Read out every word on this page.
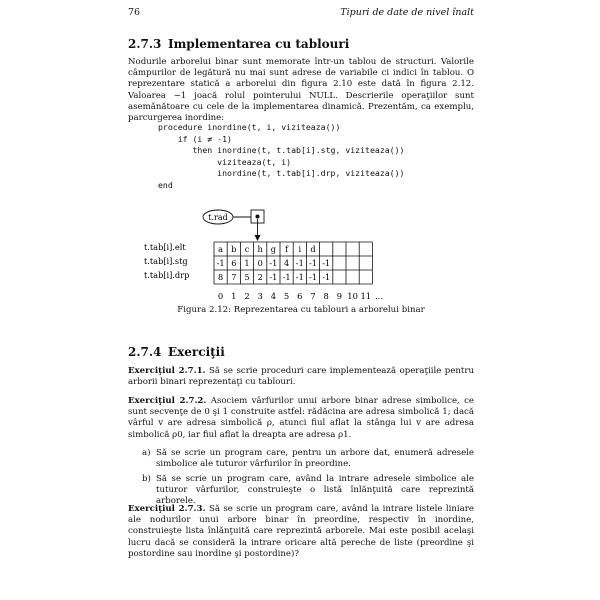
76	Tipuri de date de nivel înalt
2.7.3 Implementarea cu tablouri

Nodurile arborelui binar sunt memorate într-un tablou de structuri. Valorile câmpurilor de legătură nu mai sunt adrese de variabile ci indici în tablou. O reprezentare statică a arborelui din figura 2.10 este dată în figura 2.12. Valoarea −1 joacă rolul pointerului NULL. Descrierile operaţiilor sunt asemănătoare cu cele de la implementarea dinamică. Prezentăm, ca exemplu, parcurgerea inordine:

procedure inordine(t, i, viziteaza())
if (i ≠ -1)
then inordine(t, t.tab[i].stg, viziteaza())
viziteaza(t, i)
inordine(t, t.tab[i].drp, viziteaza())
end
t.rad
t.tab[i].elt
t.tab[i].stg
t.tab[i].drp
a b c h g f i d
-1 6 1 0 -1 4 -1 -1 -1
8 7 5 2 -1 -1 -1 -1 -1
0 1 2 3 4 5 6 7 8 9 10 11 ...
Figura 2.12: Reprezentarea cu tablouri a arborelui binar
2.7.4 Exerciţii

Exerciţiul 2.7.1. Să se scrie proceduri care implementează operaţiile pentru arborii binari reprezentaţi cu tablouri.

Exerciţiul 2.7.2. Asociem vârfurilor unui arbore binar adrese simbolice, ce sunt secvenţe de 0 şi 1 construite astfel: rădăcina are adresa simbolică 1; dacă vârful v are adresa simbolică ρ, atunci fiul aflat la stânga lui v are adresa simbolică ρ0, iar fiul aflat la dreapta are adresa ρ1.

a) Să se scrie un program care, pentru un arbore dat, enumeră adresele simbolice ale tuturor vârfurilor în preordine.
b) Să se scrie un program care, având la intrare adresele simbolice ale tuturor vârfurilor, construieşte o listă înlănţuită care reprezintă arborele.

Exerciţiul 2.7.3. Să se scrie un program care, având la intrare listele liniare ale nodurilor unui arbore binar în preordine, respectiv în inordine, construieşte lista înlănţuită care reprezintă arborele. Mai este posibil acelaşi lucru dacă se consideră la intrare oricare altă pereche de liste (preordine şi postordine sau inordine şi postordine)?
